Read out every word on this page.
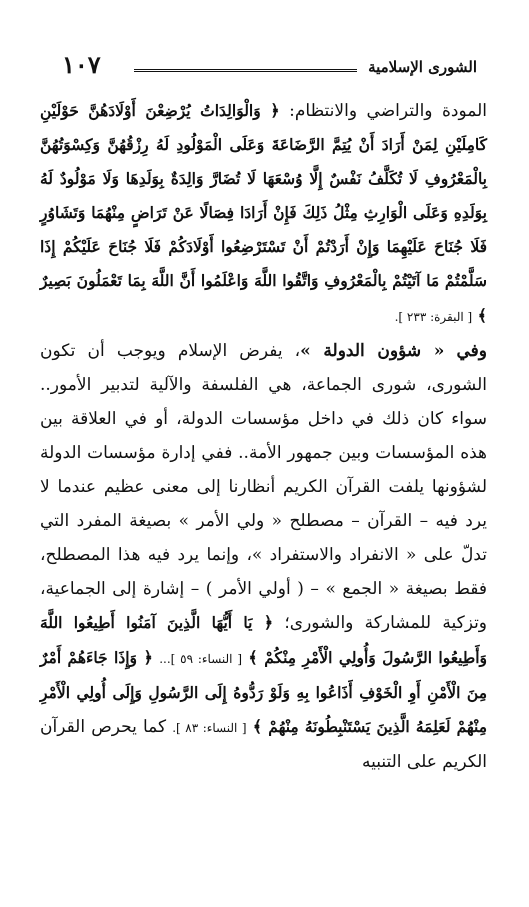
الشورى الإسلامية
١٠٧

المودة والتراضي والانتظام: ﴿ وَالْوَالِدَاتُ يُرْضِعْنَ أَوْلَادَهُنَّ حَوْلَيْنِ كَامِلَيْنِ لِمَنْ أَرَادَ أَنْ يُتِمَّ الرَّضَاعَةَ وَعَلَى الْمَوْلُودِ لَهُ رِزْقُهُنَّ وَكِسْوَتُهُنَّ بِالْمَعْرُوفِ لَا تُكَلَّفُ نَفْسٌ إِلَّا وُسْعَهَا لَا تُضَارَّ وَالِدَةٌ بِوَلَدِهَا وَلَا مَوْلُودٌ لَهُ بِوَلَدِهِ وَعَلَى الْوَارِثِ مِثْلُ ذَلِكَ فَإِنْ أَرَادَا فِصَالًا عَنْ تَرَاضٍ مِنْهُمَا وَتَشَاوُرٍ فَلَا جُنَاحَ عَلَيْهِمَا وَإِنْ أَرَدْتُمْ أَنْ تَسْتَرْضِعُوا أَوْلَادَكُمْ فَلَا جُنَاحَ عَلَيْكُمْ إِذَا سَلَّمْتُمْ مَا آتَيْتُمْ بِالْمَعْرُوفِ وَاتَّقُوا اللَّهَ وَاعْلَمُوا أَنَّ اللَّهَ بِمَا تَعْمَلُونَ بَصِيرٌ ﴾ [ البقرة: ٢٣٣ ].

وفي « شؤون الدولة »، يفرض الإسلام ويوجب أن تكون الشورى، شورى الجماعة، هي الفلسفة والآلية لتدبير الأمور.. سواء كان ذلك في داخل مؤسسات الدولة، أو في العلاقة بين هذه المؤسسات وبين جمهور الأمة.. ففي إدارة مؤسسات الدولة لشؤونها يلفت القرآن الكريم أنظارنا إلى معنى عظيم عندما لا يرد فيه – القرآن – مصطلح « ولي الأمر » بصيغة المفرد التي تدلّ على « الانفراد والاستفراد »، وإنما يرد فيه هذا المصطلح، فقط بصيغة « الجمع » – ( أولي الأمر ) – إشارة إلى الجماعية، وتزكية للمشاركة والشورى؛ ﴿ يَا أَيُّهَا الَّذِينَ آمَنُوا أَطِيعُوا اللَّهَ وَأَطِيعُوا الرَّسُولَ وَأُولِي الْأَمْرِ مِنْكُمْ ﴾ [ النساء: ٥٩ ]... ﴿ وَإِذَا جَاءَهُمْ أَمْرٌ مِنَ الْأَمْنِ أَوِ الْخَوْفِ أَذَاعُوا بِهِ وَلَوْ رَدُّوهُ إِلَى الرَّسُولِ وَإِلَى أُولِي الْأَمْرِ مِنْهُمْ لَعَلِمَهُ الَّذِينَ يَسْتَنْبِطُونَهُ مِنْهُمْ ﴾ [ النساء: ٨٣ ]. كما يحرص القرآن الكريم على التنبيه
